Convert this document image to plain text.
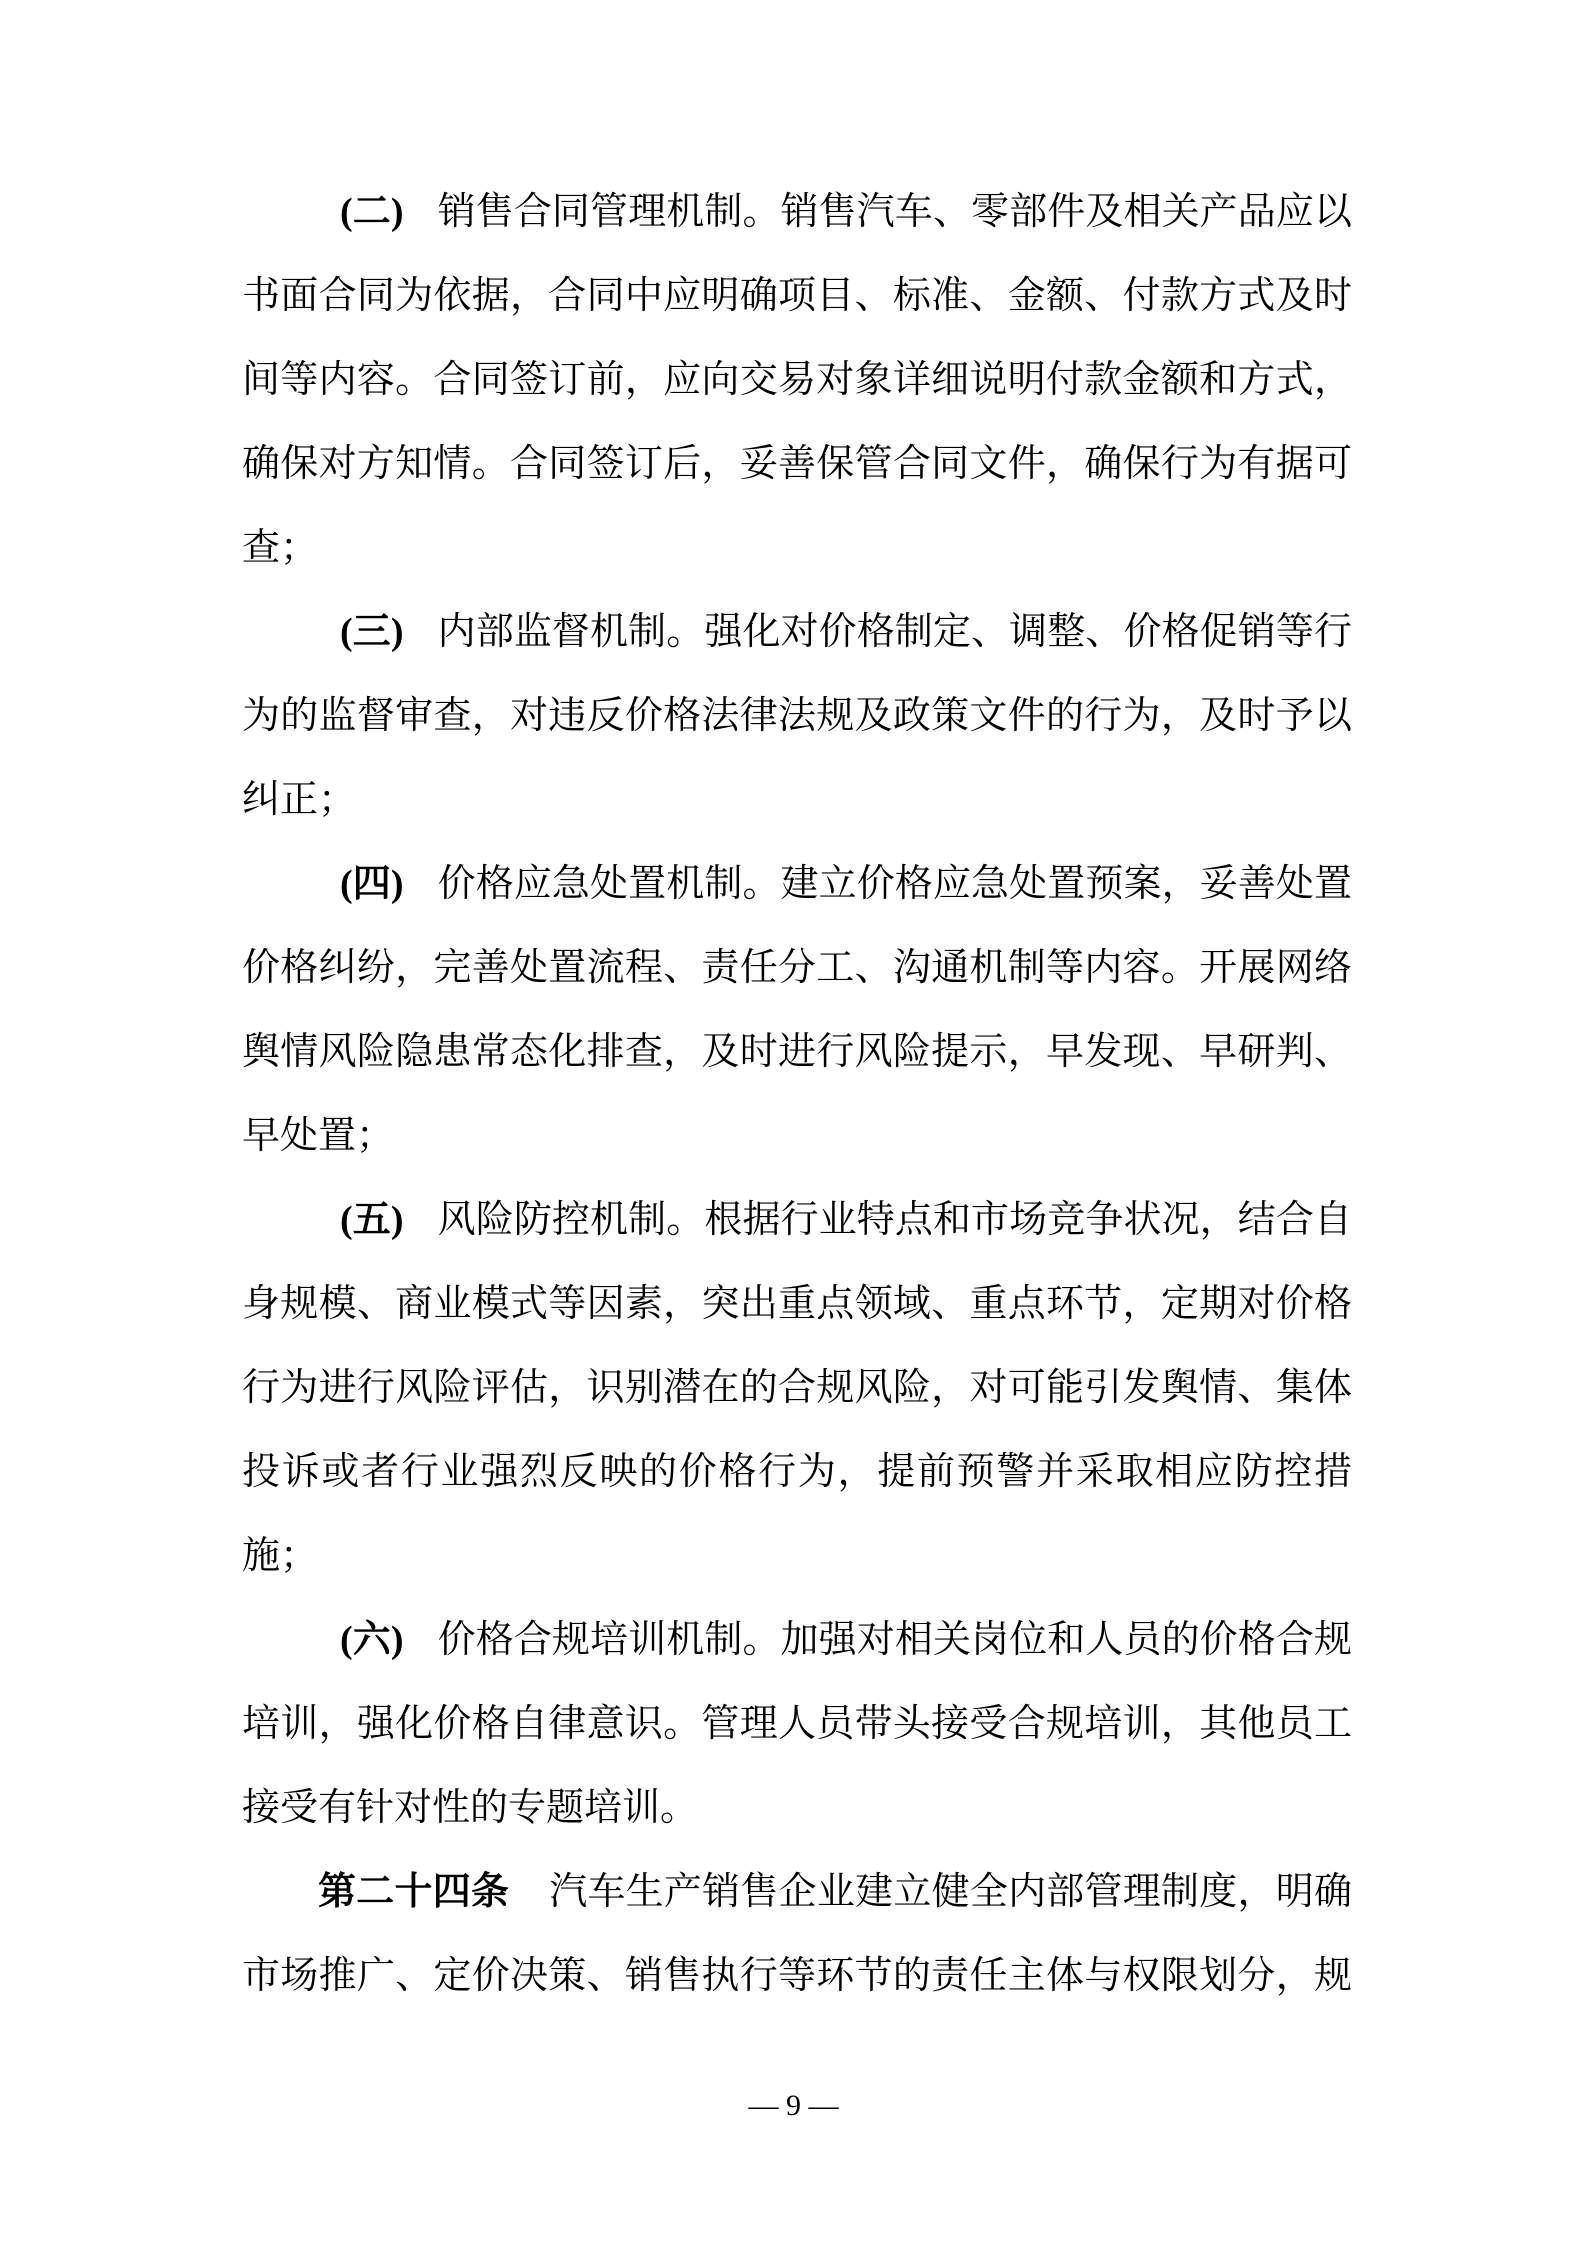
(二) 销售合同管理机制。销售汽车、零部件及相关产品应以
书面合同为依据，合同中应明确项目、标准、金额、付款方式及时
间等内容。合同签订前，应向交易对象详细说明付款金额和方式，
确保对方知情。合同签订后，妥善保管合同文件，确保行为有据可
查；
(三) 内部监督机制。强化对价格制定、调整、价格促销等行
为的监督审查，对违反价格法律法规及政策文件的行为，及时予以
纠正；
(四) 价格应急处置机制。建立价格应急处置预案，妥善处置
价格纠纷，完善处置流程、责任分工、沟通机制等内容。开展网络
舆情风险隐患常态化排查，及时进行风险提示，早发现、早研判、
早处置；
(五) 风险防控机制。根据行业特点和市场竞争状况，结合自
身规模、商业模式等因素，突出重点领域、重点环节，定期对价格
行为进行风险评估，识别潜在的合规风险，对可能引发舆情、集体
投诉或者行业强烈反映的价格行为，提前预警并采取相应防控措
施；
(六) 价格合规培训机制。加强对相关岗位和人员的价格合规
培训，强化价格自律意识。管理人员带头接受合规培训，其他员工
接受有针对性的专题培训。
第二十四条 汽车生产销售企业建立健全内部管理制度，明确
市场推广、定价决策、销售执行等环节的责任主体与权限划分，规
— 9 —
